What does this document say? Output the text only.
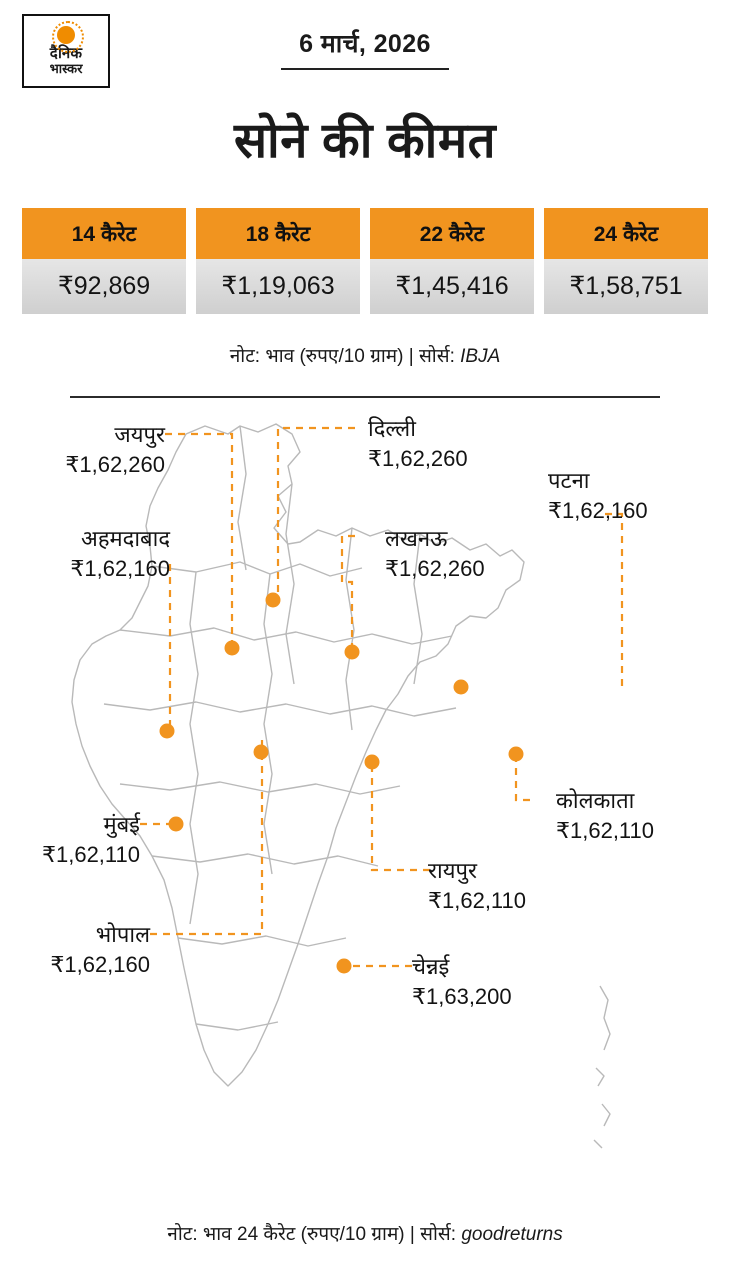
दैनिक
भास्कर
6 मार्च, 2026
सोने की कीमत
14 कैरेट
₹92,869
18 कैरेट
₹1,19,063
22 कैरेट
₹1,45,416
24 कैरेट
₹1,58,751
नोट: भाव (रुपए/10 ग्राम) | सोर्स: IBJA
जयपुर
₹1,62,260
दिल्ली
₹1,62,260
पटना
₹1,62,160
अहमदाबाद
₹1,62,160
लखनऊ
₹1,62,260
मुंबई
₹1,62,110
कोलकाता
₹1,62,110
भोपाल
₹1,62,160
रायपुर
₹1,62,110
चेन्नई
₹1,63,200
नोट: भाव 24 कैरेट (रुपए/10 ग्राम) | सोर्स: goodreturns
